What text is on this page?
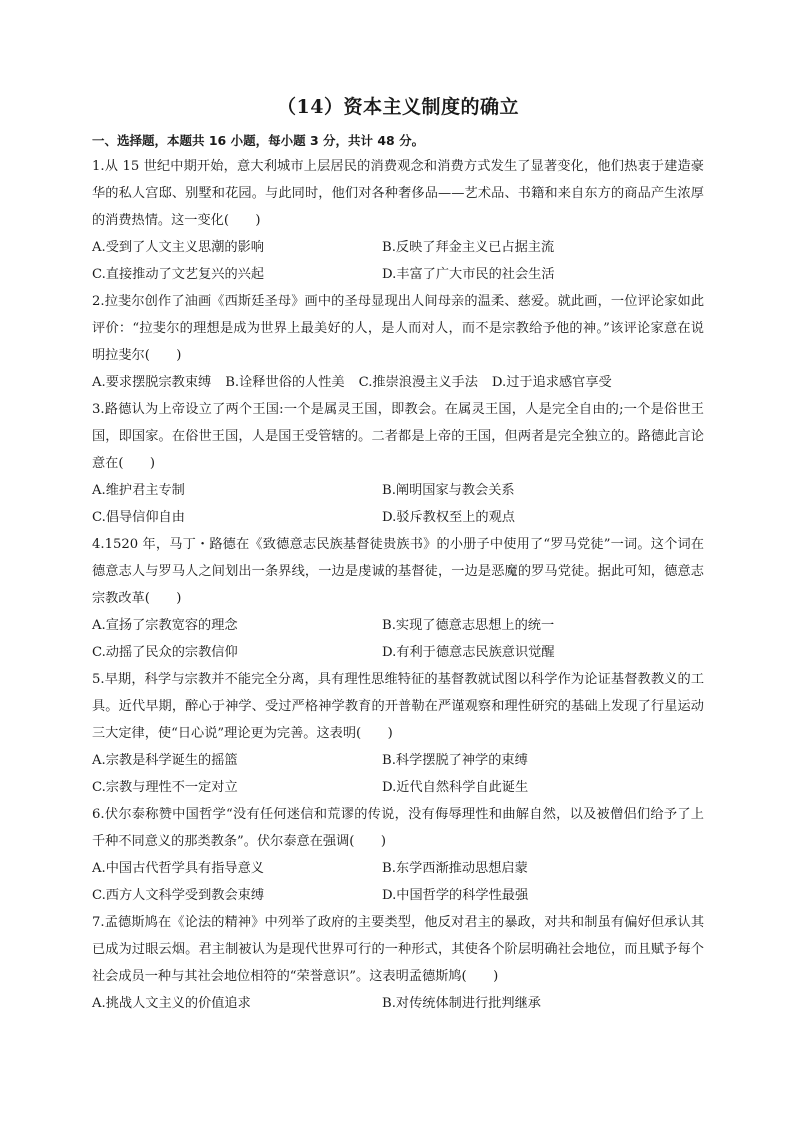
（14）资本主义制度的确立
一、选择题，本题共 16 小题，每小题 3 分，共计 48 分。

1.从 15 世纪中期开始，意大利城市上层居民的消费观念和消费方式发生了显著变化，他们热衷于建造豪华的私人宫邸、别墅和花园。与此同时，他们对各种奢侈品——艺术品、书籍和来自东方的商品产生浓厚的消费热情。这一变化(　　)

A.受到了人文主义思潮的影响	B.反映了拜金主义已占据主流
C.直接推动了文艺复兴的兴起	D.丰富了广大市民的社会生活

2.拉斐尔创作了油画《西斯廷圣母》画中的圣母显现出人间母亲的温柔、慈爱。就此画，一位评论家如此评价：“拉斐尔的理想是成为世界上最美好的人，是人而对人，而不是宗教给予他的神。”该评论家意在说明拉斐尔(　　)

A.要求摆脱宗教束缚 B.诠释世俗的人性美 C.推崇浪漫主义手法 D.过于追求感官享受

3.路德认为上帝设立了两个王国:一个是属灵王国，即教会。在属灵王国，人是完全自由的;一个是俗世王国，即国家。在俗世王国，人是国王受管辖的。二者都是上帝的王国，但两者是完全独立的。路德此言论意在(　　)

A.维护君主专制	B.阐明国家与教会关系
C.倡导信仰自由	D.驳斥教权至上的观点

4.1520 年，马丁・路德在《致德意志民族基督徒贵族书》的小册子中使用了“罗马党徒”一词。这个词在德意志人与罗马人之间划出一条界线，一边是虔诚的基督徒，一边是恶魔的罗马党徒。据此可知，德意志宗教改革(　　)

A.宣扬了宗教宽容的理念	B.实现了德意志思想上的统一
C.动摇了民众的宗教信仰	D.有利于德意志民族意识觉醒

5.早期，科学与宗教并不能完全分离，具有理性思维特征的基督教就试图以科学作为论证基督教教义的工具。近代早期，醉心于神学、受过严格神学教育的开普勒在严谨观察和理性研究的基础上发现了行星运动三大定律，使“日心说”理论更为完善。这表明(　　)

A.宗教是科学诞生的摇篮	B.科学摆脱了神学的束缚
C.宗教与理性不一定对立	D.近代自然科学自此诞生

6.伏尔泰称赞中国哲学“没有任何迷信和荒谬的传说，没有侮辱理性和曲解自然，以及被僧侣们给予了上千种不同意义的那类教条”。伏尔泰意在强调(　　)

A.中国古代哲学具有指导意义	B.东学西渐推动思想启蒙
C.西方人文科学受到教会束缚	D.中国哲学的科学性最强

7.孟德斯鸠在《论法的精神》中列举了政府的主要类型，他反对君主的暴政，对共和制虽有偏好但承认其已成为过眼云烟。君主制被认为是现代世界可行的一种形式，其使各个阶层明确社会地位，而且赋予每个社会成员一种与其社会地位相符的“荣誉意识”。这表明孟德斯鸠(　　)

A.挑战人文主义的价值追求	B.对传统体制进行批判继承
